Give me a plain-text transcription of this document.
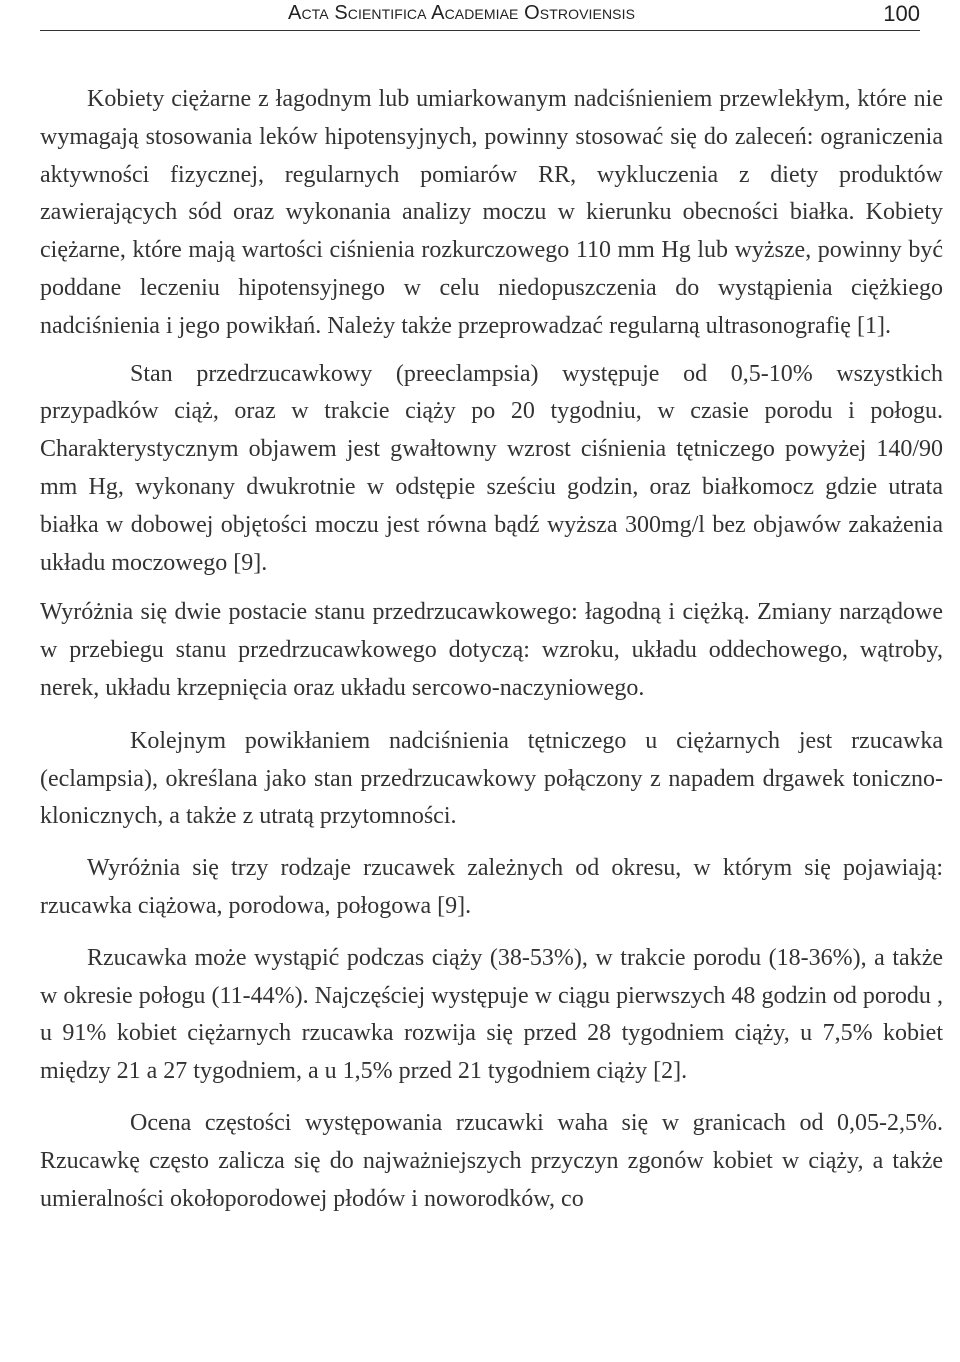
Acta Scientifica Academiae Ostroviensis	100

Kobiety ciężarne z łagodnym lub umiarkowanym nadciśnieniem przewlekłym, które nie wymagają stosowania leków hipotensyjnych, powinny stosować się do zaleceń: ograniczenia aktywności fizycznej, regularnych pomiarów RR, wykluczenia z diety produktów zawierających sód oraz wykonania analizy moczu w kierunku obecności białka. Kobiety ciężarne, które mają wartości ciśnienia rozkurczowego 110 mm Hg lub wyższe, powinny być poddane leczeniu hipotensyjnego w celu niedopuszczenia do wystąpienia ciężkiego nadciśnienia i jego powikłań. Należy także przeprowadzać regularną ultrasonografię [1].

Stan przedrzucawkowy (preeclampsia) występuje od 0,5-10% wszystkich przypadków ciąż, oraz w trakcie ciąży po 20 tygodniu, w czasie porodu i połogu. Charakterystycznym objawem jest gwałtowny wzrost ciśnienia tętniczego powyżej 140/90 mm Hg, wykonany dwukrotnie w odstępie sześciu godzin, oraz białkomocz gdzie utrata białka w dobowej objętości moczu jest równa bądź wyższa 300mg/l bez objawów zakażenia układu moczowego [9].

Wyróżnia się dwie postacie stanu przedrzucawkowego: łagodną i ciężką. Zmiany narządowe w przebiegu stanu przedrzucawkowego dotyczą: wzroku, układu oddechowego, wątroby, nerek, układu krzepnięcia oraz układu sercowo-naczyniowego.

Kolejnym powikłaniem nadciśnienia tętniczego u ciężarnych jest rzucawka (eclampsia), określana jako stan przedrzucawkowy połączony z napadem drgawek toniczno-klonicznych, a także z utratą przytomności.

Wyróżnia się trzy rodzaje rzucawek zależnych od okresu, w którym się pojawiają: rzucawka ciążowa, porodowa, połogowa [9].

Rzucawka może wystąpić podczas ciąży (38-53%), w trakcie porodu (18-36%), a także w okresie połogu (11-44%). Najczęściej występuje w ciągu pierwszych 48 godzin od porodu , u 91% kobiet ciężarnych rzucawka rozwija się przed 28 tygodniem ciąży, u 7,5% kobiet między 21 a 27 tygodniem, a u 1,5% przed 21 tygodniem ciąży [2].

Ocena częstości występowania rzucawki waha się w granicach od 0,05-2,5%. Rzucawkę często zalicza się do najważniejszych przyczyn zgonów kobiet w ciąży, a także umieralności okołoporodowej płodów i noworodków, co
